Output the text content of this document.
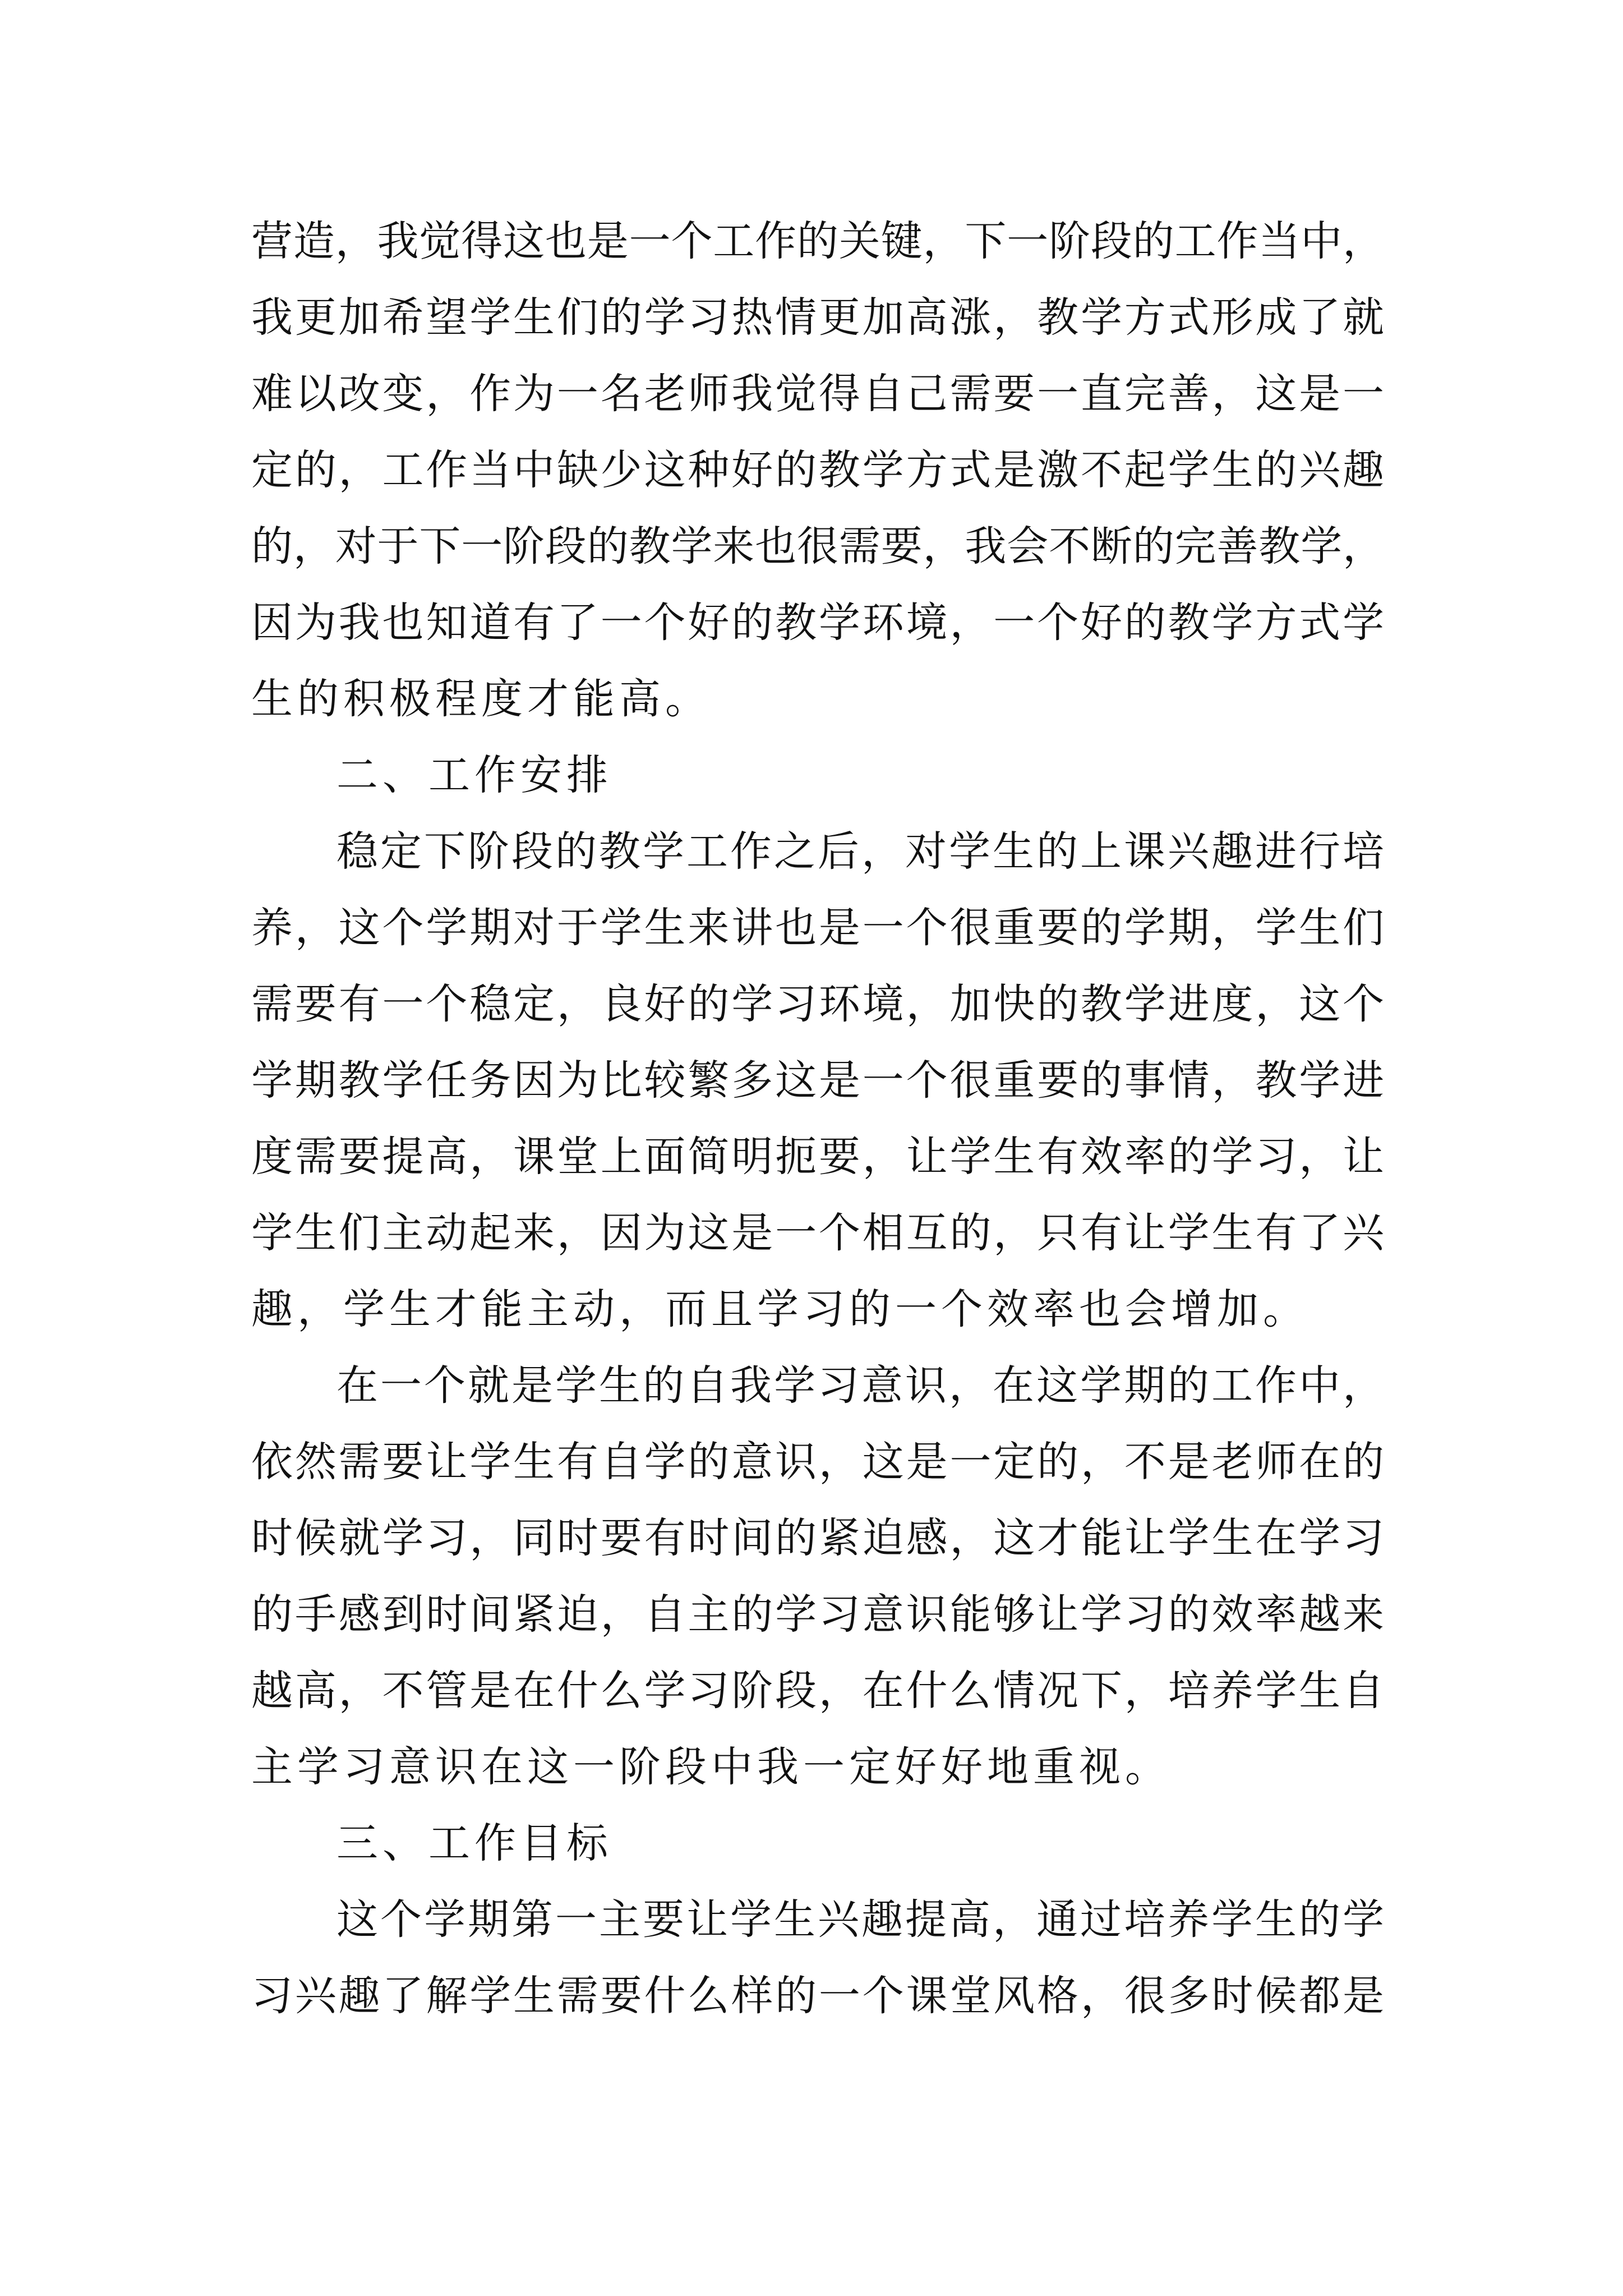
营造，我觉得这也是一个工作的关键，下一阶段的工作当中，
我更加希望学生们的学习热情更加高涨，教学方式形成了就
难以改变，作为一名老师我觉得自己需要一直完善，这是一
定的，工作当中缺少这种好的教学方式是激不起学生的兴趣
的，对于下一阶段的教学来也很需要，我会不断的完善教学，
因为我也知道有了一个好的教学环境，一个好的教学方式学
生的积极程度才能高。
二、工作安排
稳定下阶段的教学工作之后，对学生的上课兴趣进行培
养，这个学期对于学生来讲也是一个很重要的学期，学生们
需要有一个稳定，良好的学习环境，加快的教学进度，这个
学期教学任务因为比较繁多这是一个很重要的事情，教学进
度需要提高，课堂上面简明扼要，让学生有效率的学习，让
学生们主动起来，因为这是一个相互的，只有让学生有了兴
趣，学生才能主动，而且学习的一个效率也会增加。
在一个就是学生的自我学习意识，在这学期的工作中，
依然需要让学生有自学的意识，这是一定的，不是老师在的
时候就学习，同时要有时间的紧迫感，这才能让学生在学习
的手感到时间紧迫，自主的学习意识能够让学习的效率越来
越高，不管是在什么学习阶段，在什么情况下，培养学生自
主学习意识在这一阶段中我一定好好地重视。
三、工作目标
这个学期第一主要让学生兴趣提高，通过培养学生的学
习兴趣了解学生需要什么样的一个课堂风格，很多时候都是
